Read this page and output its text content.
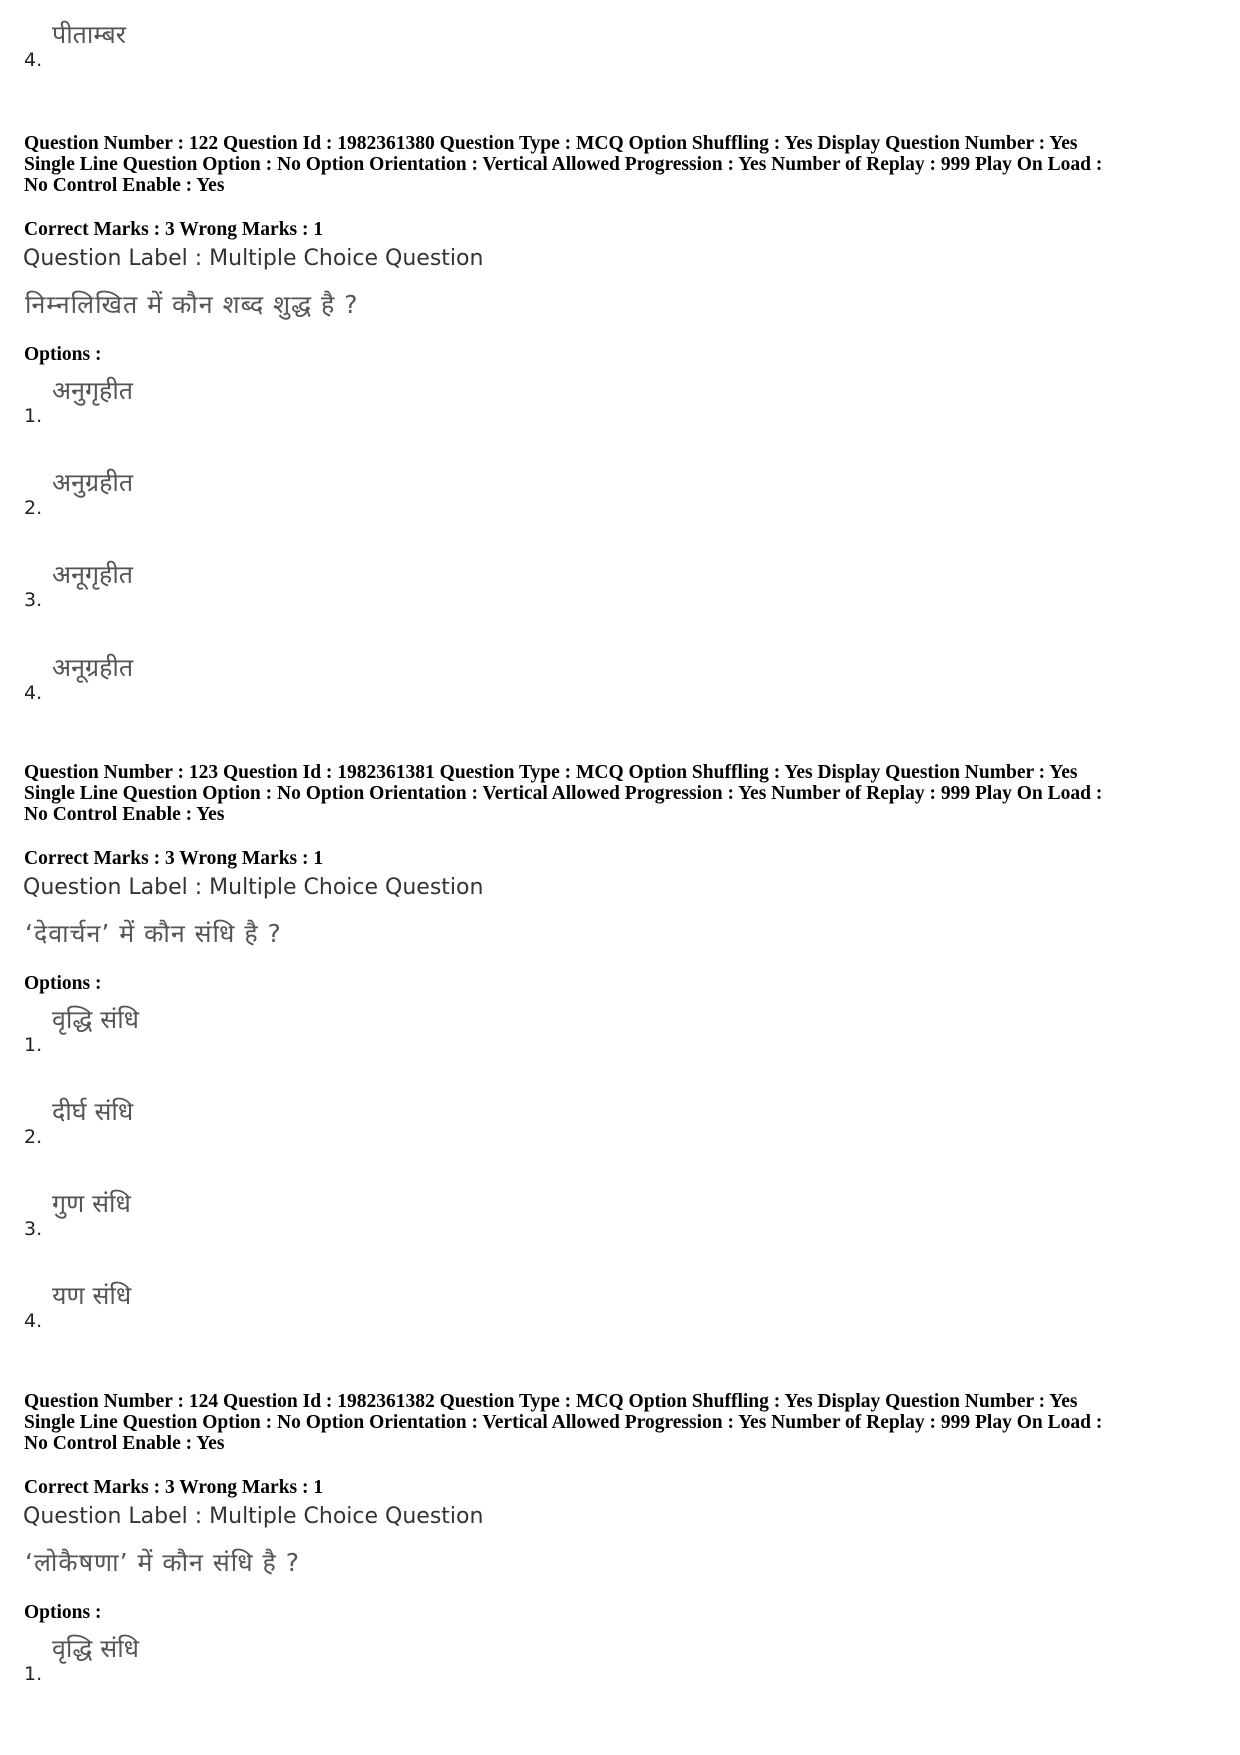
4.
पीताम्बर
Question Number : 122 Question Id : 1982361380 Question Type : MCQ Option Shuffling : Yes Display Question Number : Yes
Single Line Question Option : No Option Orientation : Vertical Allowed Progression : Yes Number of Replay : 999 Play On Load :
No Control Enable : Yes
Correct Marks : 3 Wrong Marks : 1
Question Label : Multiple Choice Question
निम्नलिखित में कौन शब्द शुद्ध है ?
Options :
1.
अनुगृहीत
2.
अनुग्रहीत
3.
अनूगृहीत
4.
अनूग्रहीत
Question Number : 123 Question Id : 1982361381 Question Type : MCQ Option Shuffling : Yes Display Question Number : Yes
Single Line Question Option : No Option Orientation : Vertical Allowed Progression : Yes Number of Replay : 999 Play On Load :
No Control Enable : Yes
Correct Marks : 3 Wrong Marks : 1
Question Label : Multiple Choice Question
‘देवार्चन’ में कौन संधि है ?
Options :
1.
वृद्धि संधि
2.
दीर्घ संधि
3.
गुण संधि
4.
यण संधि
Question Number : 124 Question Id : 1982361382 Question Type : MCQ Option Shuffling : Yes Display Question Number : Yes
Single Line Question Option : No Option Orientation : Vertical Allowed Progression : Yes Number of Replay : 999 Play On Load :
No Control Enable : Yes
Correct Marks : 3 Wrong Marks : 1
Question Label : Multiple Choice Question
‘लोकैषणा’ में कौन संधि है ?
Options :
1.
वृद्धि संधि
